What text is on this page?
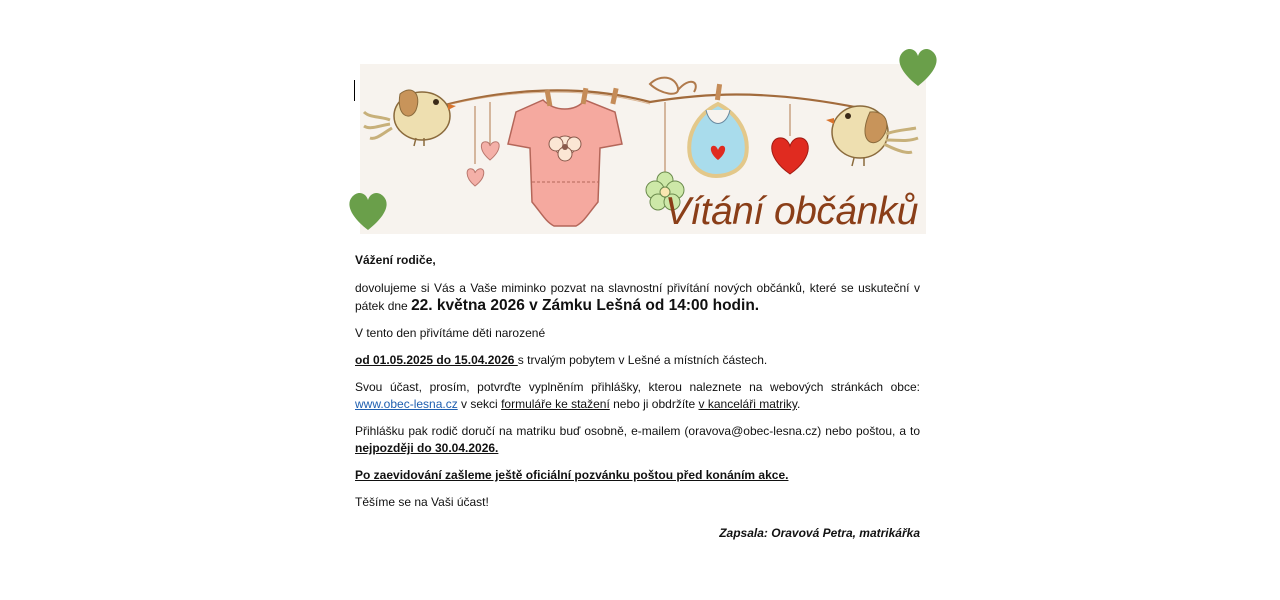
Vítání občánků

Vážení rodiče,

dovolujeme si Vás a Vaše miminko pozvat na slavnostní přivítání nových občánků, které se uskuteční v pátek dne 22. května 2026 v Zámku Lešná od 14:00 hodin.

V tento den přivítáme děti narozené

od 01.05.2025 do 15.04.2026 s trvalým pobytem v Lešné a místních částech.

Svou účast, prosím, potvrďte vyplněním přihlášky, kterou naleznete na webových stránkách obce: www.obec-lesna.cz v sekci formuláře ke stažení nebo ji obdržíte v kanceláři matriky.

Přihlášku pak rodič doručí na matriku buď osobně, e-mailem (oravova@obec-lesna.cz) nebo poštou, a to nejpozději do 30.04.2026.

Po zaevidování zašleme ještě oficiální pozvánku poštou před konáním akce.

Těšíme se na Vaši účast!

Zapsala: Oravová Petra, matrikářka
